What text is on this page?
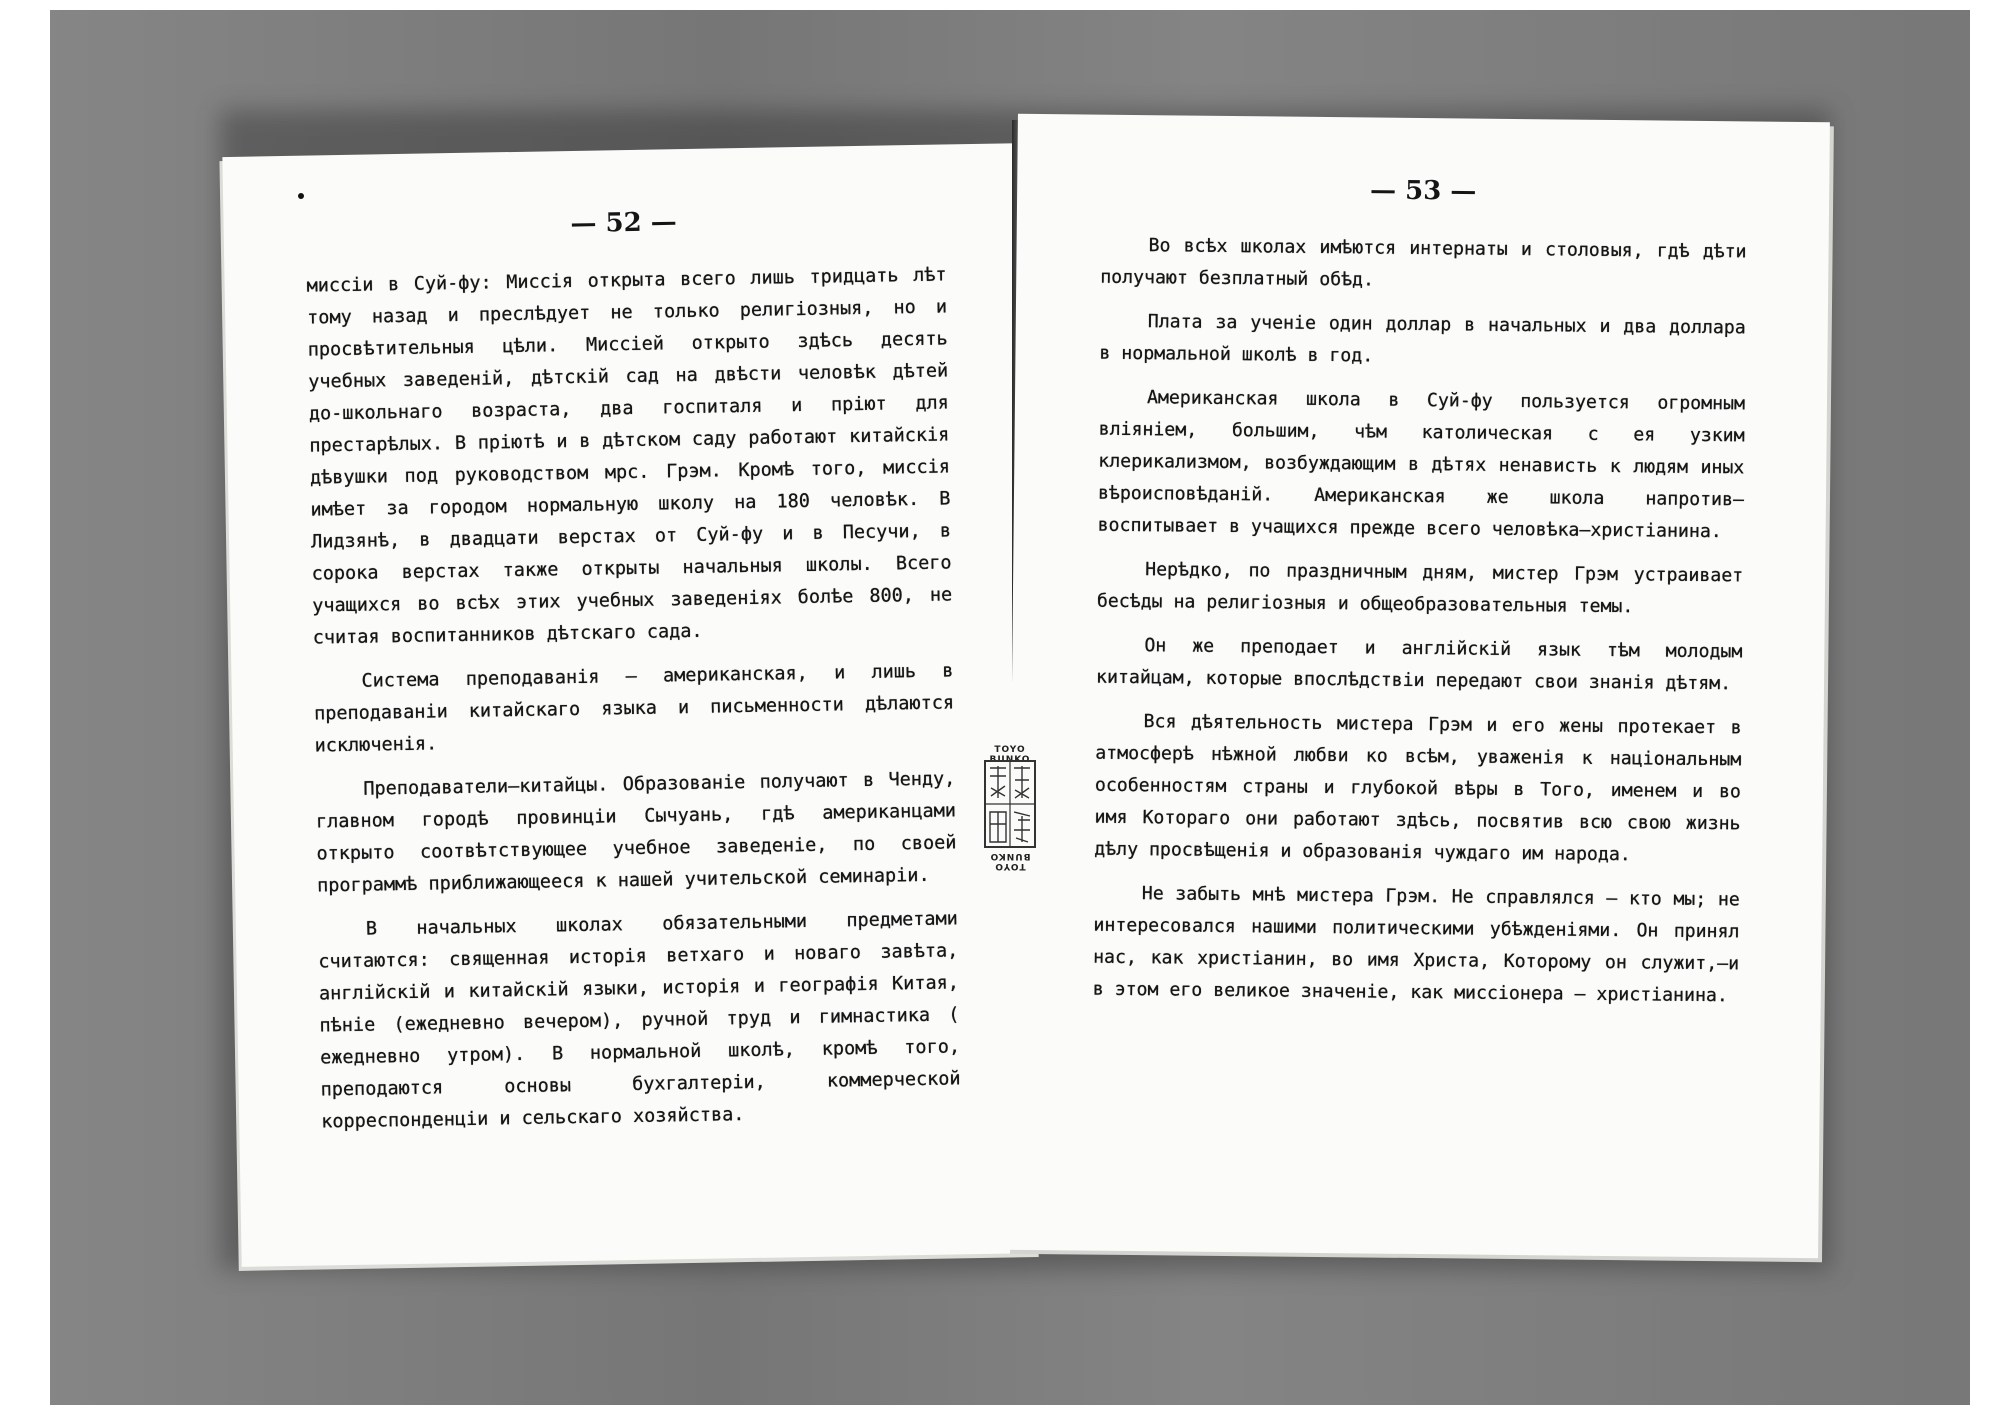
— 52 —

миссіи в Суй-фу: Миссія открыта всего лишь тридцать лѣт тому назад и преслѣдует не только религіозныя, но и просвѣтительныя цѣли. Миссіей открыто здѣсь десять учебных заведеній, дѣтскій сад на двѣсти человѣк дѣтей до-школьнаго возраста, два госпиталя и пріют для престарѣлых. В пріютѣ и в дѣтском саду работают китайскія дѣвушки под руководством мрс. Грэм. Кромѣ того, миссія имѣет за городом нормальную школу на 180 человѣк. В Лидзянѣ, в двадцати верстах от Суй-фу и в Песучи, в сорока верстах также открыты начальныя школы. Всего учащихся во всѣх этих учебных заведеніях болѣе 800, не считая воспитанников дѣтскаго сада.

Система преподаванія — американская, и лишь в преподаваніи китайскаго языка и письменности дѣлаются исключенія.

Преподаватели—китайцы. Образованіе получают в Ченду, главном городѣ провинціи Сычуань, гдѣ американцами открыто соотвѣтствующее учебное заведеніе, по своей программѣ приближающееся к нашей учительской семинаріи.

В начальных школах обязательными предметами считаются: священная исторія ветхаго и новаго завѣта, англійскій и китайскій языки, исторія и географія Китая, пѣніе (ежедневно вечером), ручной труд и гимнастика ( ежедневно утром). В нормальной школѣ, кромѣ того, преподаются основы бухгалтеріи, коммерческой корреспонденціи и сельскаго хозяйства.

— 53 —

Во всѣх школах имѣются интернаты и столовыя, гдѣ дѣти получают безплатный обѣд.

Плата за ученіе один доллар в начальных и два доллара в нормальной школѣ в год.

Американская школа в Суй-фу пользуется огромным вліяніем, большим, чѣм католическая с ея узким клерикализмом, возбуждающим в дѣтях ненависть к людям иных вѣроисповѣданій. Американская же школа напротив—воспитывает в учащихся прежде всего человѣка—христіанина.

Нерѣдко, по праздничным дням, мистер Грэм устраивает бесѣды на религіозныя и общеобразовательныя темы.

Он же преподает и англійскій язык тѣм молодым китайцам, которые впослѣдствіи передают свои знанія дѣтям.

Вся дѣятельность мистера Грэм и его жены протекает в атмосферѣ нѣжной любви ко всѣм, уваженія к національным особенностям страны и глубокой вѣры в Того, именем и во имя Котораго они работают здѣсь, посвятив всю свою жизнь дѣлу просвѣщенія и образованія чуждаго им народа.

Не забыть мнѣ мистера Грэм. Не справлялся — кто мы; не интересовался нашими политическими убѣжденіями. Он принял нас, как христіанин, во имя Христа, Которому он служит,—и в этом его великое значеніе, как миссіонера — христіанина.

TOYO BUNKO
TOYO BUNKO
